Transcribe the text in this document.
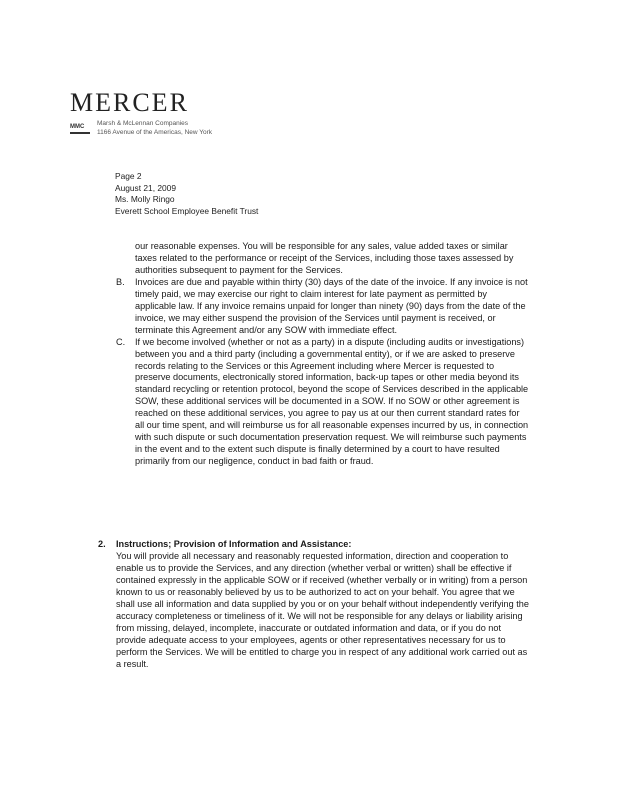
MERCER
MMC	Marsh & McLennan Companies
1166 Avenue of the Americas, New York
Page 2
August 21, 2009
Ms. Molly Ringo
Everett School Employee Benefit Trust

our reasonable expenses. You will be responsible for any sales, value added taxes or similar taxes related to the performance or receipt of the Services, including those taxes assessed by authorities subsequent to payment for the Services.

B. Invoices are due and payable within thirty (30) days of the date of the invoice. If any invoice is not timely paid, we may exercise our right to claim interest for late payment as permitted by applicable law. If any invoice remains unpaid for longer than ninety (90) days from the date of the invoice, we may either suspend the provision of the Services until payment is received, or terminate this Agreement and/or any SOW with immediate effect.

C. If we become involved (whether or not as a party) in a dispute (including audits or investigations) between you and a third party (including a governmental entity), or if we are asked to preserve records relating to the Services or this Agreement including where Mercer is requested to preserve documents, electronically stored information, back-up tapes or other media beyond its standard recycling or retention protocol, beyond the scope of Services described in the applicable SOW, these additional services will be documented in a SOW. If no SOW or other agreement is reached on these additional services, you agree to pay us at our then current standard rates for all our time spent, and will reimburse us for all reasonable expenses incurred by us, in connection with such dispute or such documentation preservation request. We will reimburse such payments in the event and to the extent such dispute is finally determined by a court to have resulted primarily from our negligence, conduct in bad faith or fraud.

2. Instructions; Provision of Information and Assistance:
You will provide all necessary and reasonably requested information, direction and cooperation to enable us to provide the Services, and any direction (whether verbal or written) shall be effective if contained expressly in the applicable SOW or if received (whether verbally or in writing) from a person known to us or reasonably believed by us to be authorized to act on your behalf. You agree that we shall use all information and data supplied by you or on your behalf without independently verifying the accuracy completeness or timeliness of it. We will not be responsible for any delays or liability arising from missing, delayed, incomplete, inaccurate or outdated information and data, or if you do not provide adequate access to your employees, agents or other representatives necessary for us to perform the Services. We will be entitled to charge you in respect of any additional work carried out as a result.
